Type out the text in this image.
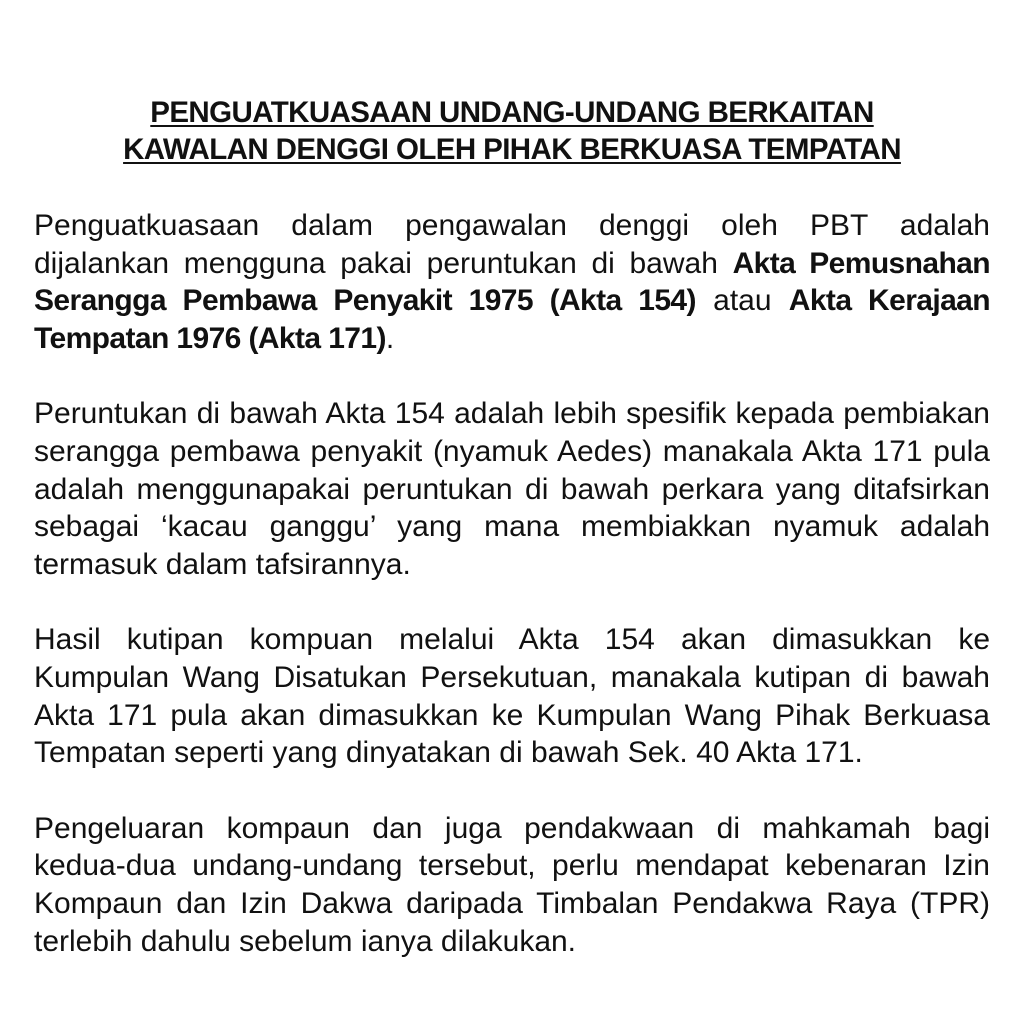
PENGUATKUASAAN UNDANG-UNDANG BERKAITAN
KAWALAN DENGGI OLEH PIHAK BERKUASA TEMPATAN

Penguatkuasaan dalam pengawalan denggi oleh PBT adalah dijalankan mengguna pakai peruntukan di bawah Akta Pemusnahan Serangga Pembawa Penyakit 1975 (Akta 154) atau Akta Kerajaan Tempatan 1976 (Akta 171).

Peruntukan di bawah Akta 154 adalah lebih spesifik kepada pembiakan serangga pembawa penyakit (nyamuk Aedes) manakala Akta 171 pula adalah menggunapakai peruntukan di bawah perkara yang ditafsirkan sebagai ‘kacau ganggu’ yang mana membiakkan nyamuk adalah termasuk dalam tafsirannya.

Hasil kutipan kompuan melalui Akta 154 akan dimasukkan ke Kumpulan Wang Disatukan Persekutuan, manakala kutipan di bawah Akta 171 pula akan dimasukkan ke Kumpulan Wang Pihak Berkuasa Tempatan seperti yang dinyatakan di bawah Sek. 40 Akta 171.

Pengeluaran kompaun dan juga pendakwaan di mahkamah bagi kedua-dua undang-undang tersebut, perlu mendapat kebenaran Izin Kompaun dan Izin Dakwa daripada Timbalan Pendakwa Raya (TPR) terlebih dahulu sebelum ianya dilakukan.
